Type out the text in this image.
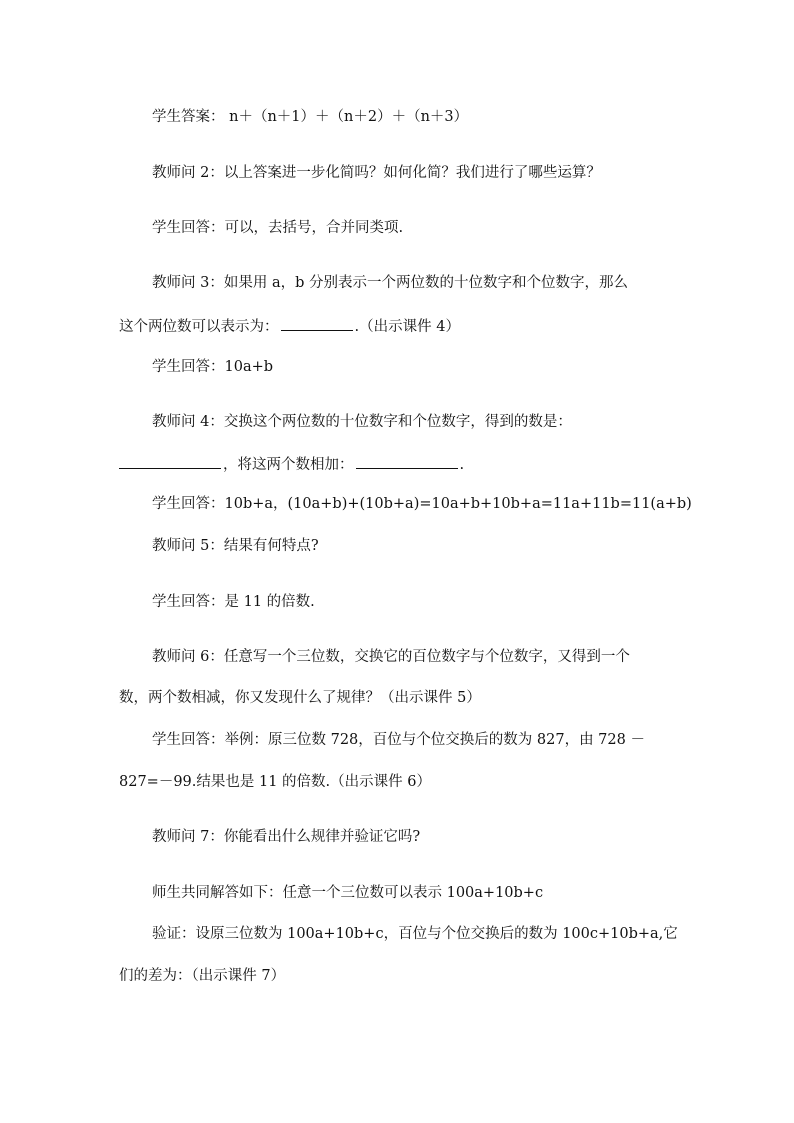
学生答案： n＋（n＋1）＋（n＋2）＋（n＋3）
教师问 2：以上答案进一步化简吗？如何化简？我们进行了哪些运算？
学生回答：可以，去括号，合并同类项.
教师问 3：如果用 a，b 分别表示一个两位数的十位数字和个位数字，那么
这个两位数可以表示为：	.（出示课件 4）
学生回答：10a+b
教师问 4：交换这个两位数的十位数字和个位数字，得到的数是：
，将这两个数相加：	.
学生回答：10b+a，(10a+b)+(10b+a)=10a+b+10b+a=11a+11b=11(a+b)
教师问 5：结果有何特点?
学生回答：是 11 的倍数.
教师问 6：任意写一个三位数，交换它的百位数字与个位数字，又得到一个
数，两个数相减，你又发现什么了规律？（出示课件 5）
学生回答：举例：原三位数 728，百位与个位交换后的数为 827，由 728 －
827=－99.结果也是 11 的倍数.（出示课件 6）
教师问 7：你能看出什么规律并验证它吗?
师生共同解答如下：任意一个三位数可以表示 100a+10b+c
验证：设原三位数为 100a+10b+c，百位与个位交换后的数为 100c+10b+a,它
们的差为：（出示课件 7）
